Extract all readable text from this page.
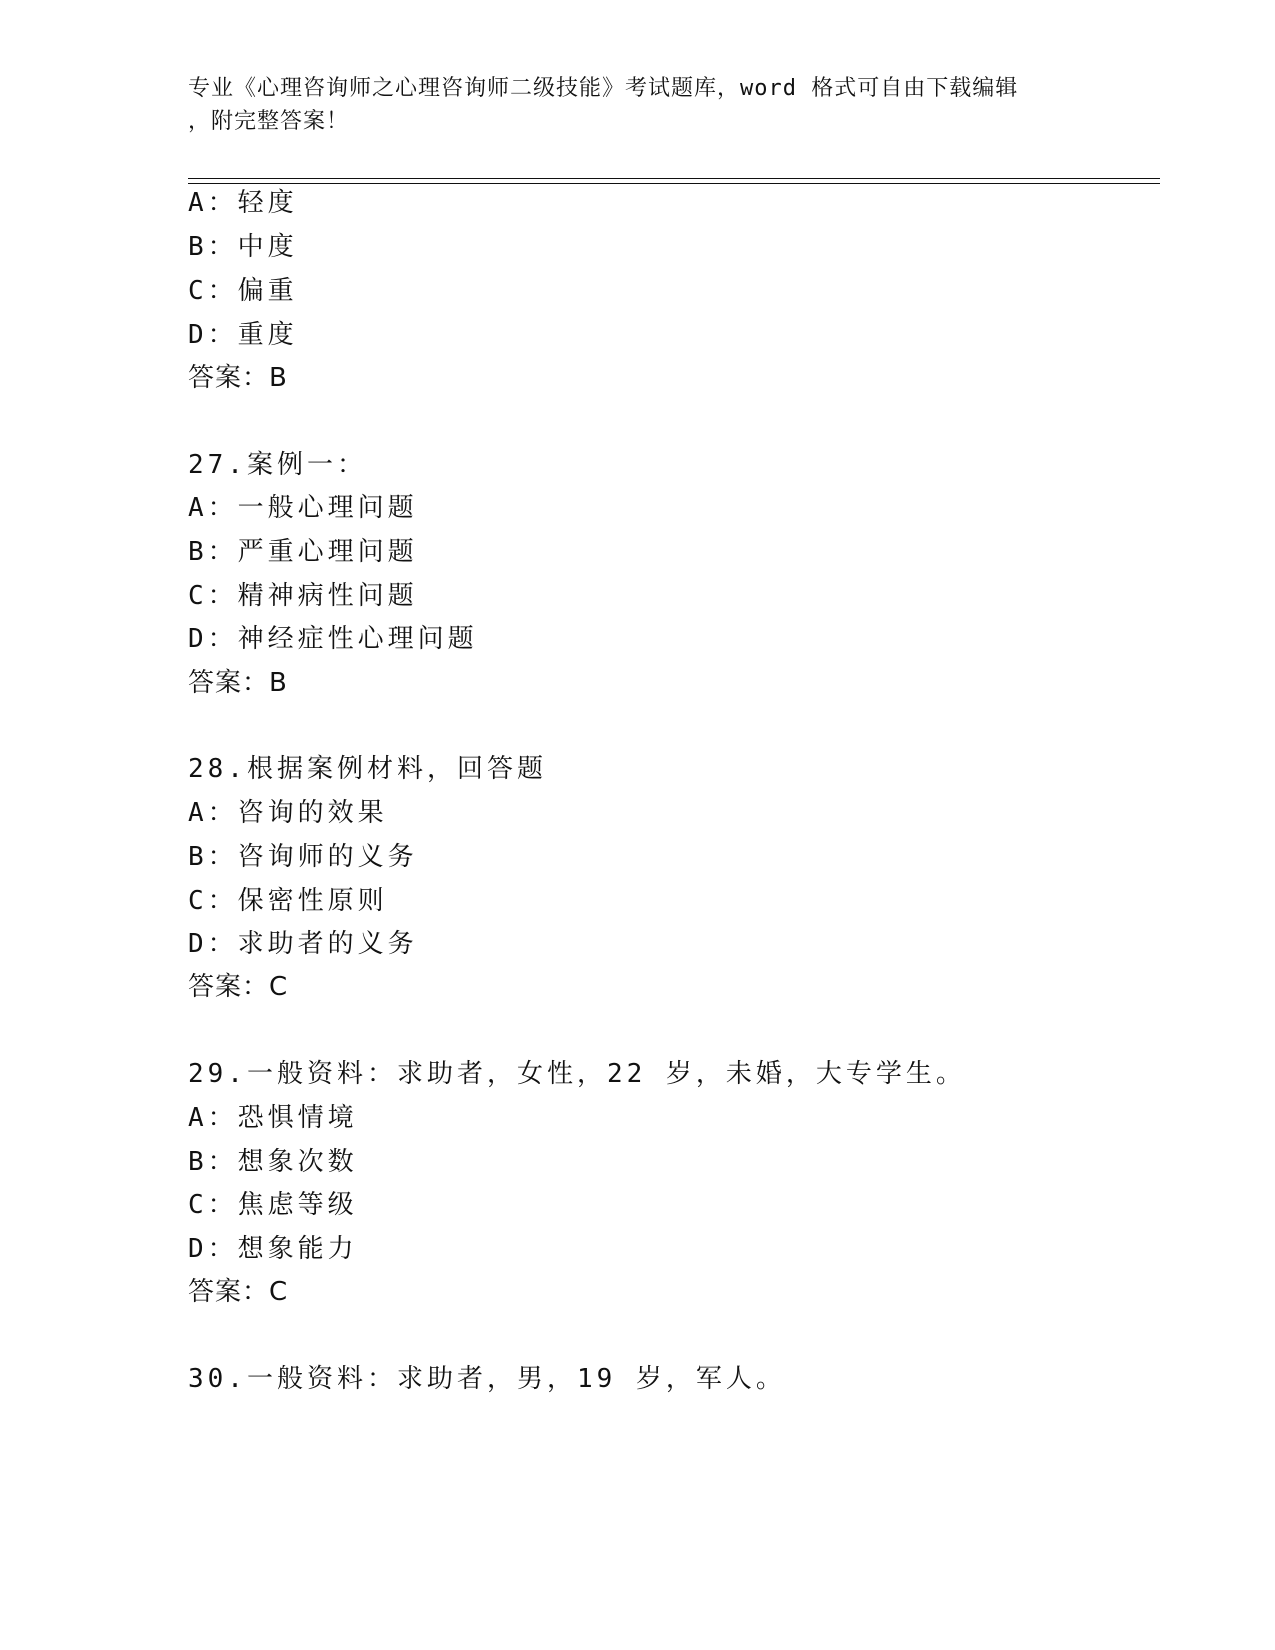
专业《心理咨询师之心理咨询师二级技能》考试题库，word 格式可自由下载编辑
，附完整答案！
A：轻度
B：中度
C：偏重
D：重度
答案：B
27.案例一：
A：一般心理问题
B：严重心理问题
C：精神病性问题
D：神经症性心理问题
答案：B
28.根据案例材料，回答题
A：咨询的效果
B：咨询师的义务
C：保密性原则
D：求助者的义务
答案：C
29.一般资料：求助者，女性，22 岁，未婚，大专学生。
A：恐惧情境
B：想象次数
C：焦虑等级
D：想象能力
答案：C
30.一般资料：求助者，男，19 岁，军人。
